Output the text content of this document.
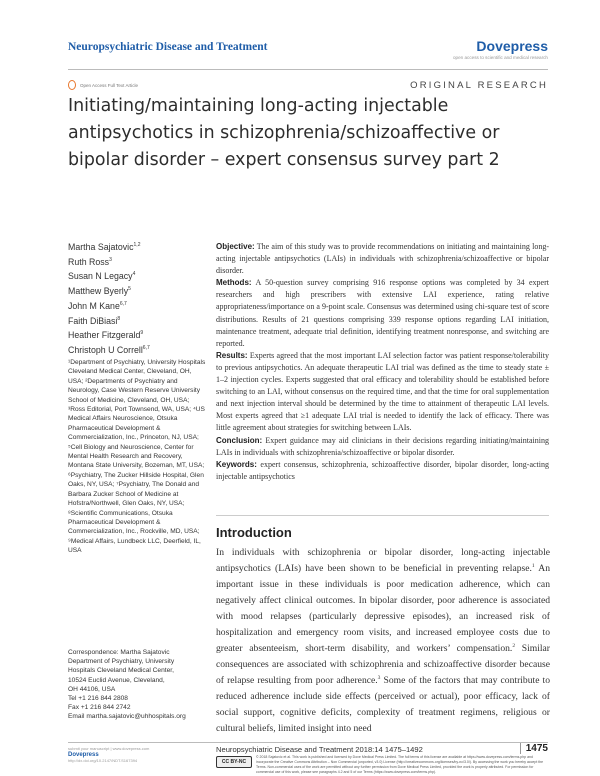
Neuropsychiatric Disease and Treatment	Dovepress
open access to scientific and medical research
Open Access Full Text Article	ORIGINAL RESEARCH
Initiating/maintaining long-acting injectable antipsychotics in schizophrenia/schizoaffective or bipolar disorder – expert consensus survey part 2
Martha Sajatovic$^{1,2}$
Ruth Ross$^3$
Susan N Legacy$^4$
Matthew Byerly$^5$
John M Kane$^{6,7}$
Faith DiBiasi$^8$
Heather Fitzgerald$^9$
Christoph U Correll$^{6,7}$
¹Department of Psychiatry, University Hospitals Cleveland Medical Center, Cleveland, OH, USA; ²Departments of Psychiatry and Neurology, Case Western Reserve University School of Medicine, Cleveland, OH, USA; ³Ross Editorial, Port Townsend, WA, USA; ⁴US Medical Affairs Neuroscience, Otsuka Pharmaceutical Development & Commercialization, Inc., Princeton, NJ, USA; ⁵Cell Biology and Neuroscience, Center for Mental Health Research and Recovery, Montana State University, Bozeman, MT, USA; ⁶Psychiatry, The Zucker Hillside Hospital, Glen Oaks, NY, USA; ⁷Psychiatry, The Donald and Barbara Zucker School of Medicine at Hofstra/Northwell, Glen Oaks, NY, USA; ⁸Scientific Communications, Otsuka Pharmaceutical Development & Commercialization, Inc., Rockville, MD, USA; ⁹Medical Affairs, Lundbeck LLC, Deerfield, IL, USA
Correspondence: Martha Sajatovic
Department of Psychiatry, University
Hospitals Cleveland Medical Center,
10524 Euclid Avenue, Cleveland,
OH 44106, USA
Tel +1 216 844 2808
Fax +1 216 844 2742
Email martha.sajatovic@uhhospitals.org

Objective: The aim of this study was to provide recommendations on initiating and maintaining long-acting injectable antipsychotics (LAIs) in individuals with schizophrenia/schizoaffective or bipolar disorder.

Methods: A 50-question survey comprising 916 response options was completed by 34 expert researchers and high prescribers with extensive LAI experience, rating relative appropriateness/importance on a 9-point scale. Consensus was determined using chi-square test of score distributions. Results of 21 questions comprising 339 response options regarding LAI initiation, maintenance treatment, adequate trial definition, identifying treatment nonresponse, and switching are reported.

Results: Experts agreed that the most important LAI selection factor was patient response/tolerability to previous antipsychotics. An adequate therapeutic LAI trial was defined as the time to steady state ± 1–2 injection cycles. Experts suggested that oral efficacy and tolerability should be established before switching to an LAI, without consensus on the required time, and that the time for oral supplementation and next injection interval should be determined by the time to attainment of therapeutic LAI levels. Most experts agreed that ≥1 adequate LAI trial is needed to identify the lack of efficacy. There was little agreement about strategies for switching between LAIs.

Conclusion: Expert guidance may aid clinicians in their decisions regarding initiating/maintaining LAIs in individuals with schizophrenia/schizoaffective or bipolar disorder.

Keywords: expert consensus, schizophrenia, schizoaffective disorder, bipolar disorder, long-acting injectable antipsychotics

Introduction

In individuals with schizophrenia or bipolar disorder, long-acting injectable antipsychotics (LAIs) have been shown to be beneficial in preventing relapse.$^1$ An important issue in these individuals is poor medication adherence, which can negatively affect clinical outcomes. In bipolar disorder, poor adherence is associated with mood relapses (particularly depressive episodes), an increased risk of hospitalization and emergency room visits, and increased employee costs due to greater absenteeism, short-term disability, and workers’ compensation.$^2$ Similar consequences are associated with schizophrenia and schizoaffective disorder because of relapse resulting from poor adherence.$^3$ Some of the factors that may contribute to reduced adherence include side effects (perceived or actual), poor efficacy, lack of social support, cognitive deficits, complexity of treatment regimens, religious or cultural beliefs, limited insight into need

submit your manuscript | www.dovepress.com
Dovepress
http://dx.doi.org/10.2147/NDT.S167394
Neuropsychiatric Disease and Treatment 2018:14 1475–1492	1475
CC BY-NC
© 2018 Sajatovic et al. This work is published and licensed by Dove Medical Press Limited. The full terms of this license are available at https://www.dovepress.com/terms.php and incorporate the Creative Commons Attribution – Non Commercial (unported, v3.0) License (http://creativecommons.org/licenses/by-nc/3.0/). By accessing the work you hereby accept the Terms. Non-commercial uses of the work are permitted without any further permission from Dove Medical Press Limited, provided the work is properly attributed. For permission for commercial use of this work, please see paragraphs 4.2 and 5 of our Terms (https://www.dovepress.com/terms.php).
